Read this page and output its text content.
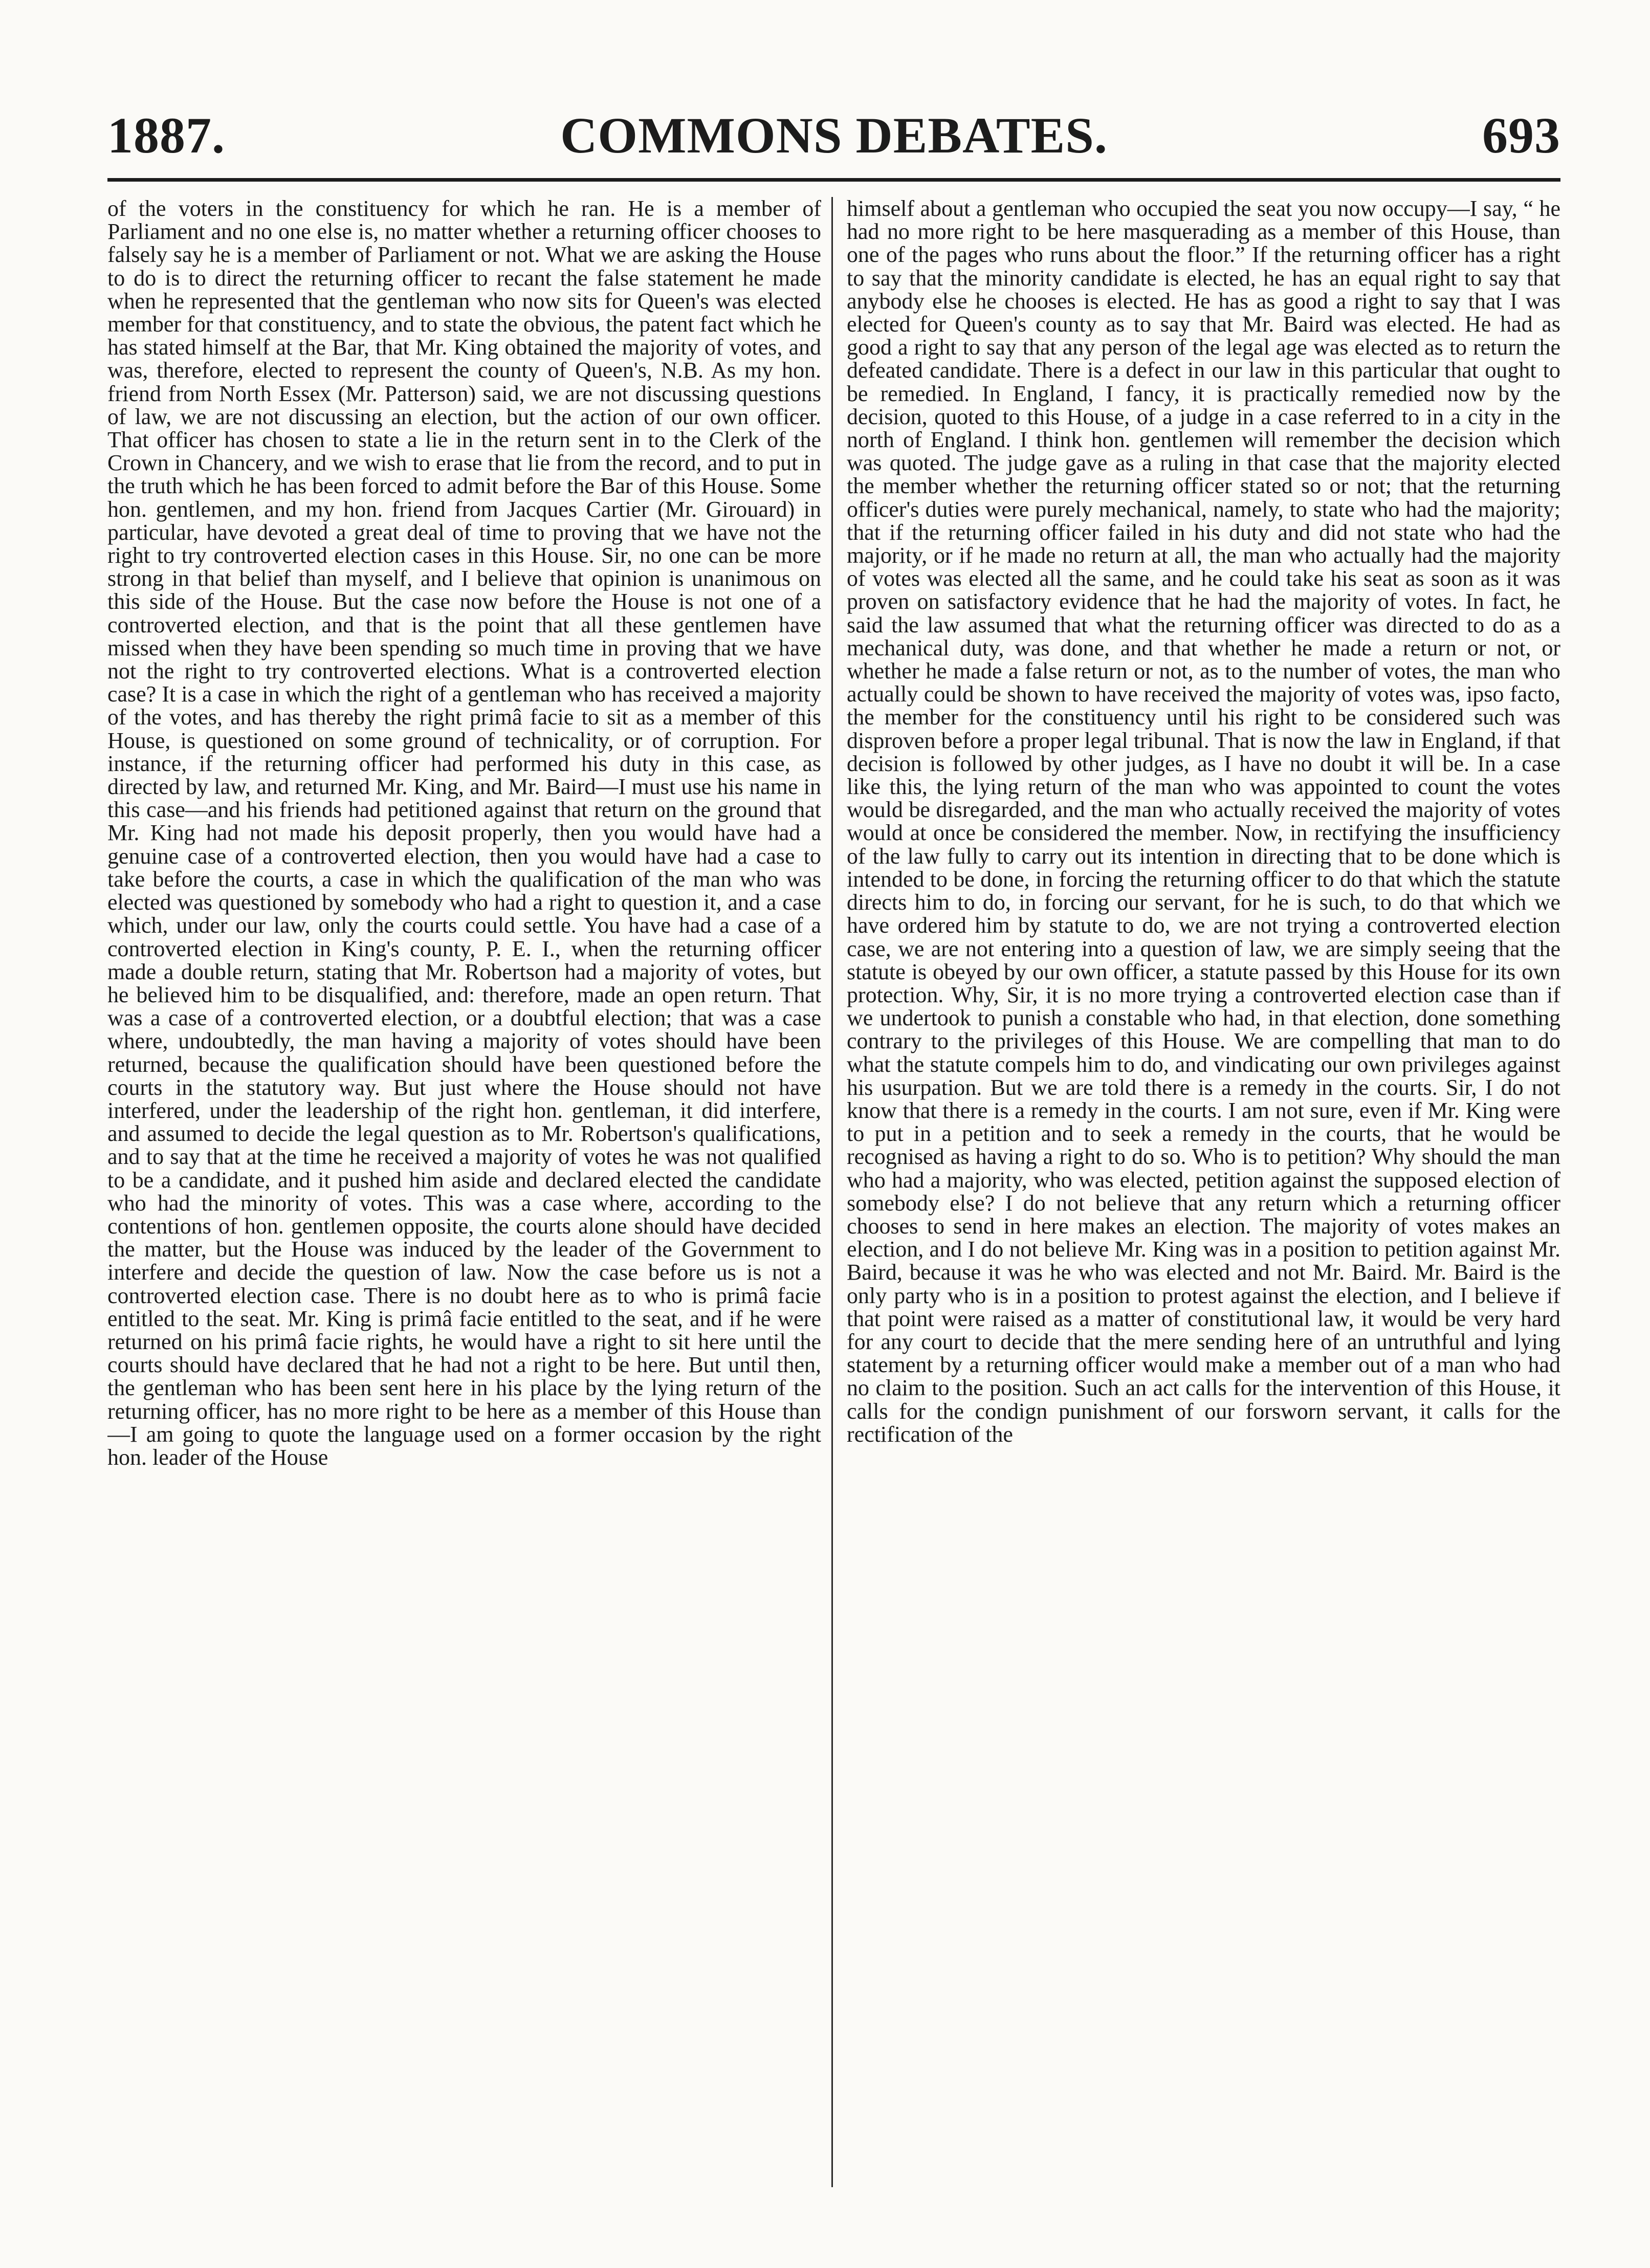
1887.	COMMONS DEBATES.	693

of the voters in the constituency for which he ran. He is a member of Parliament and no one else is, no matter whether a returning officer chooses to falsely say he is a member of Parliament or not. What we are asking the House to do is to direct the returning officer to recant the false statement he made when he represented that the gentleman who now sits for Queen's was elected member for that constituency, and to state the obvious, the patent fact which he has stated himself at the Bar, that Mr. King obtained the majority of votes, and was, therefore, elected to represent the county of Queen's, N.B. As my hon. friend from North Essex (Mr. Patterson) said, we are not discussing questions of law, we are not discussing an election, but the action of our own officer. That officer has chosen to state a lie in the return sent in to the Clerk of the Crown in Chancery, and we wish to erase that lie from the record, and to put in the truth which he has been forced to admit before the Bar of this House. Some hon. gentlemen, and my hon. friend from Jacques Cartier (Mr. Girouard) in particular, have devoted a great deal of time to proving that we have not the right to try controverted election cases in this House. Sir, no one can be more strong in that belief than myself, and I believe that opinion is unanimous on this side of the House. But the case now before the House is not one of a controverted election, and that is the point that all these gentlemen have missed when they have been spending so much time in proving that we have not the right to try controverted elections. What is a controverted election case? It is a case in which the right of a gentleman who has received a majority of the votes, and has thereby the right primâ facie to sit as a member of this House, is questioned on some ground of technicality, or of corruption. For instance, if the returning officer had performed his duty in this case, as directed by law, and returned Mr. King, and Mr. Baird—I must use his name in this case—and his friends had petitioned against that return on the ground that Mr. King had not made his deposit properly, then you would have had a genuine case of a controverted election, then you would have had a case to take before the courts, a case in which the qualification of the man who was elected was questioned by somebody who had a right to question it, and a case which, under our law, only the courts could settle. You have had a case of a controverted election in King's county, P. E. I., when the returning officer made a double return, stating that Mr. Robertson had a majority of votes, but he believed him to be disqualified, and: therefore, made an open return. That was a case of a controverted election, or a doubtful election; that was a case where, undoubtedly, the man having a majority of votes should have been returned, because the qualification should have been questioned before the courts in the statutory way. But just where the House should not have interfered, under the leadership of the right hon. gentleman, it did interfere, and assumed to decide the legal question as to Mr. Robertson's qualifications, and to say that at the time he received a majority of votes he was not qualified to be a candidate, and it pushed him aside and declared elected the candidate who had the minority of votes. This was a case where, according to the contentions of hon. gentlemen opposite, the courts alone should have decided the matter, but the House was induced by the leader of the Government to interfere and decide the question of law. Now the case before us is not a controverted election case. There is no doubt here as to who is primâ facie entitled to the seat. Mr. King is primâ facie entitled to the seat, and if he were returned on his primâ facie rights, he would have a right to sit here until the courts should have declared that he had not a right to be here. But until then, the gentleman who has been sent here in his place by the lying return of the returning officer, has no more right to be here as a member of this House than—I am going to quote the language used on a former occasion by the right hon. leader of the House

himself about a gentleman who occupied the seat you now occupy—I say, “ he had no more right to be here masquerading as a member of this House, than one of the pages who runs about the floor.” If the returning officer has a right to say that the minority candidate is elected, he has an equal right to say that anybody else he chooses is elected. He has as good a right to say that I was elected for Queen's county as to say that Mr. Baird was elected. He had as good a right to say that any person of the legal age was elected as to return the defeated candidate. There is a defect in our law in this particular that ought to be remedied. In England, I fancy, it is practically remedied now by the decision, quoted to this House, of a judge in a case referred to in a city in the north of England. I think hon. gentlemen will remember the decision which was quoted. The judge gave as a ruling in that case that the majority elected the member whether the returning officer stated so or not; that the returning officer's duties were purely mechanical, namely, to state who had the majority; that if the returning officer failed in his duty and did not state who had the majority, or if he made no return at all, the man who actually had the majority of votes was elected all the same, and he could take his seat as soon as it was proven on satisfactory evidence that he had the majority of votes. In fact, he said the law assumed that what the returning officer was directed to do as a mechanical duty, was done, and that whether he made a return or not, or whether he made a false return or not, as to the number of votes, the man who actually could be shown to have received the majority of votes was, ipso facto, the member for the constituency until his right to be considered such was disproven before a proper legal tribunal. That is now the law in England, if that decision is followed by other judges, as I have no doubt it will be. In a case like this, the lying return of the man who was appointed to count the votes would be disregarded, and the man who actually received the majority of votes would at once be considered the member. Now, in rectifying the insufficiency of the law fully to carry out its intention in directing that to be done which is intended to be done, in forcing the returning officer to do that which the statute directs him to do, in forcing our servant, for he is such, to do that which we have ordered him by statute to do, we are not trying a controverted election case, we are not entering into a question of law, we are simply seeing that the statute is obeyed by our own officer, a statute passed by this House for its own protection. Why, Sir, it is no more trying a controverted election case than if we undertook to punish a constable who had, in that election, done something contrary to the privileges of this House. We are compelling that man to do what the statute compels him to do, and vindicating our own privileges against his usurpation. But we are told there is a remedy in the courts. Sir, I do not know that there is a remedy in the courts. I am not sure, even if Mr. King were to put in a petition and to seek a remedy in the courts, that he would be recognised as having a right to do so. Who is to petition? Why should the man who had a majority, who was elected, petition against the supposed election of somebody else? I do not believe that any return which a returning officer chooses to send in here makes an election. The majority of votes makes an election, and I do not believe Mr. King was in a position to petition against Mr. Baird, because it was he who was elected and not Mr. Baird. Mr. Baird is the only party who is in a position to protest against the election, and I believe if that point were raised as a matter of constitutional law, it would be very hard for any court to decide that the mere sending here of an untruthful and lying statement by a returning officer would make a member out of a man who had no claim to the position. Such an act calls for the intervention of this House, it calls for the condign punishment of our forsworn servant, it calls for the rectification of the
